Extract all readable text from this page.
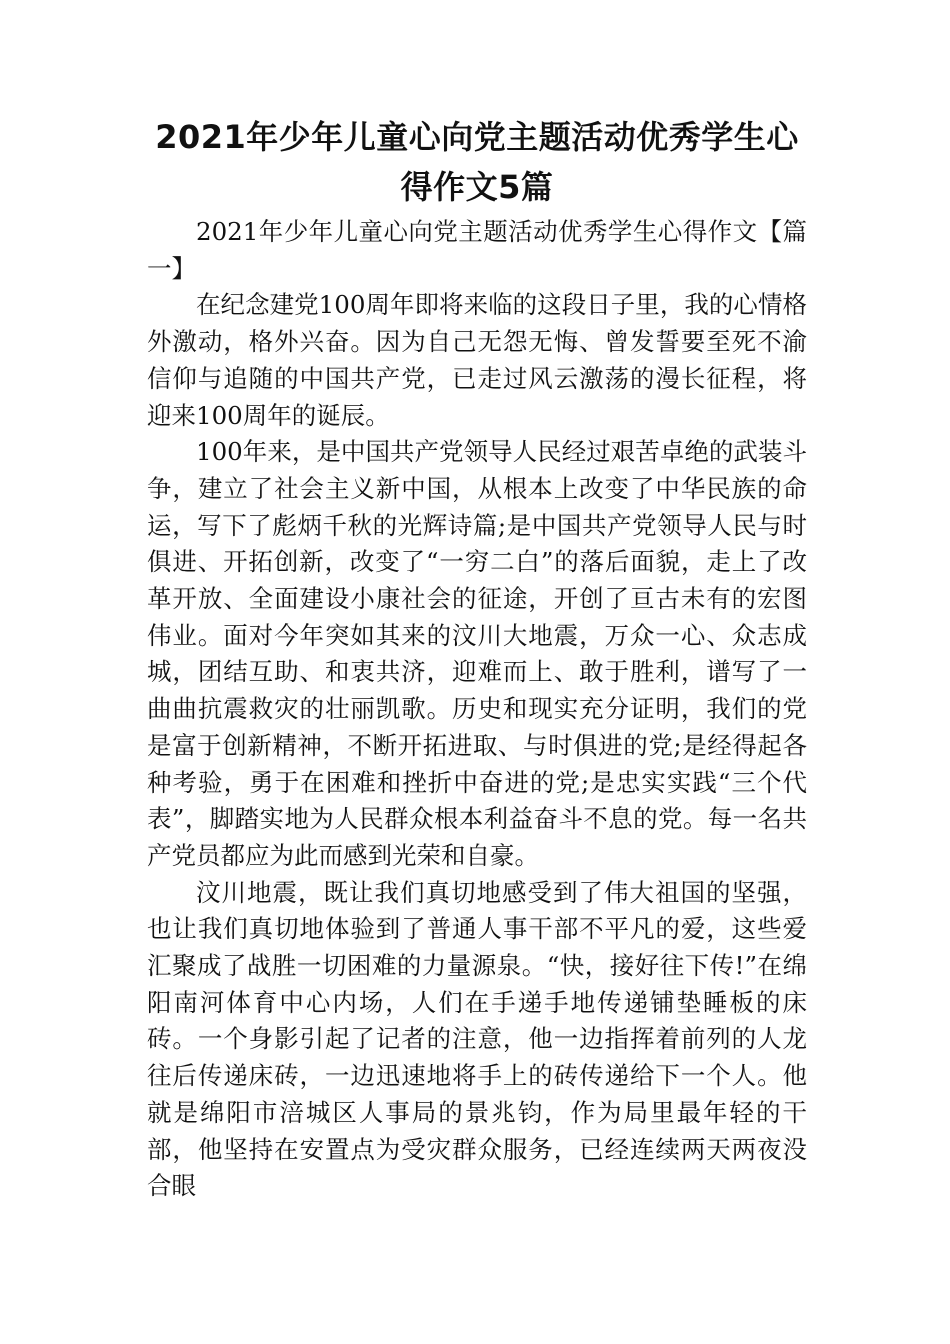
2021年少年儿童心向党主题活动优秀学生心得作文5篇

2021年少年儿童心向党主题活动优秀学生心得作文【篇一】

在纪念建党100周年即将来临的这段日子里，我的心情格外激动，格外兴奋。因为自己无怨无悔、曾发誓要至死不渝信仰与追随的中国共产党，已走过风云激荡的漫长征程，将迎来100周年的诞辰。

100年来，是中国共产党领导人民经过艰苦卓绝的武装斗争，建立了社会主义新中国，从根本上改变了中华民族的命运，写下了彪炳千秋的光辉诗篇;是中国共产党领导人民与时俱进、开拓创新，改变了“一穷二白”的落后面貌，走上了改革开放、全面建设小康社会的征途，开创了亘古未有的宏图伟业。面对今年突如其来的汶川大地震，万众一心、众志成城，团结互助、和衷共济，迎难而上、敢于胜利，谱写了一曲曲抗震救灾的壮丽凯歌。历史和现实充分证明，我们的党是富于创新精神，不断开拓进取、与时俱进的党;是经得起各种考验，勇于在困难和挫折中奋进的党;是忠实实践“三个代表”，脚踏实地为人民群众根本利益奋斗不息的党。每一名共产党员都应为此而感到光荣和自豪。

汶川地震，既让我们真切地感受到了伟大祖国的坚强，也让我们真切地体验到了普通人事干部不平凡的爱，这些爱汇聚成了战胜一切困难的力量源泉。“快，接好往下传!”在绵阳南河体育中心内场，人们在手递手地传递铺垫睡板的床砖。一个身影引起了记者的注意，他一边指挥着前列的人龙往后传递床砖，一边迅速地将手上的砖传递给下一个人。他就是绵阳市涪城区人事局的景兆钧，作为局里最年轻的干部，他坚持在安置点为受灾群众服务，已经连续两天两夜没合眼
